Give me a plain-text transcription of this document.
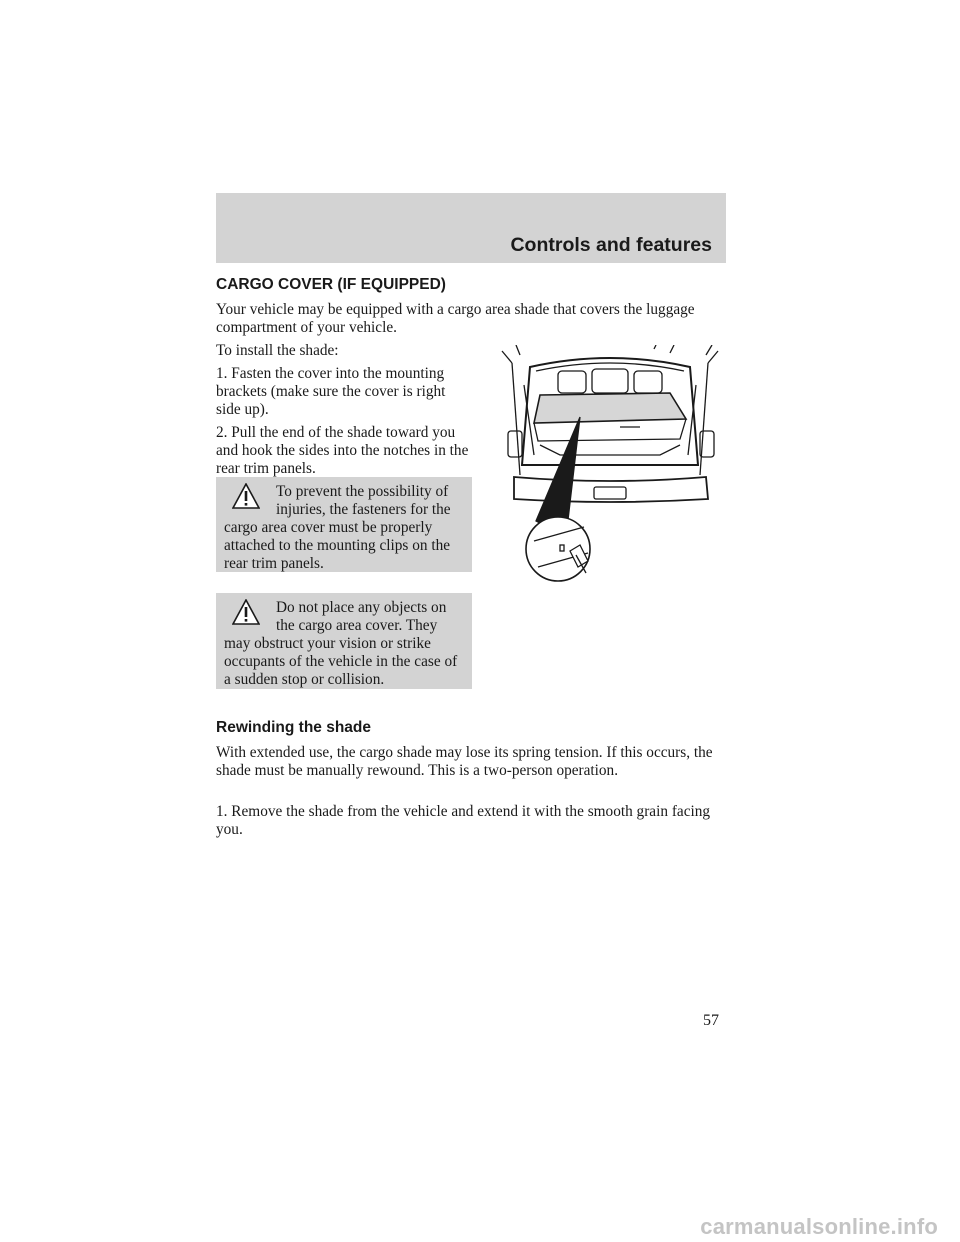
Controls and features
CARGO COVER (IF EQUIPPED)

Your vehicle may be equipped with a cargo area shade that covers the luggage compartment of your vehicle.

To install the shade:

1. Fasten the cover into the mounting brackets (make sure the cover is right side up).

2. Pull the end of the shade toward you and hook the sides into the notches in the rear trim panels.

To prevent the possibility of injuries, the fasteners for the cargo area cover must be properly attached to the mounting clips on the rear trim panels.
Do not place any objects on the cargo area cover. They may obstruct your vision or strike occupants of the vehicle in the case of a sudden stop or collision.
Rewinding the shade

With extended use, the cargo shade may lose its spring tension. If this occurs, the shade must be manually rewound. This is a two-person operation.

1. Remove the shade from the vehicle and extend it with the smooth grain facing you.

57
carmanualsonline.info
